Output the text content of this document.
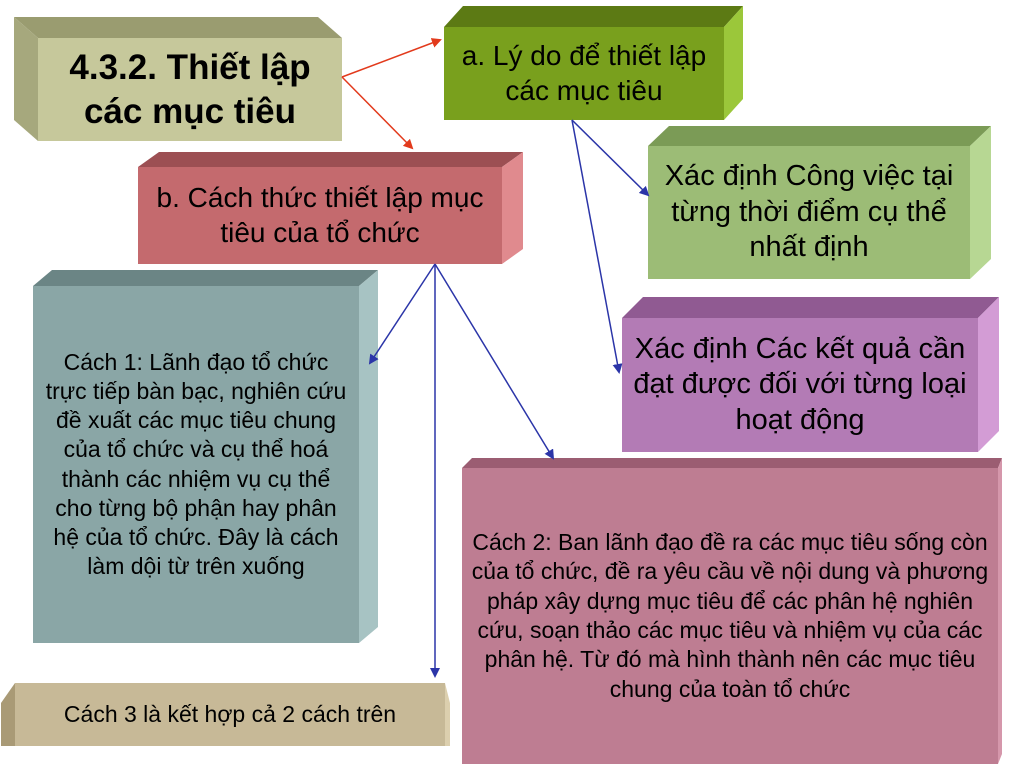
4.3.2. Thiết lập các mục tiêu
a. Lý do để thiết lập các mục tiêu
b. Cách thức thiết lập mục tiêu của tổ chức
Xác định Công việc tại từng thời điểm cụ thể nhất định
Xác định Các kết quả cần đạt được đối với từng loại hoạt động
Cách 1: Lãnh đạo tổ chức trực tiếp bàn bạc, nghiên cứu đề xuất các mục tiêu chung của tổ chức và cụ thể hoá thành các nhiệm vụ cụ thể cho từng bộ phận hay phân hệ của tổ chức. Đây là cách làm dội từ trên xuống
Cách 2: Ban lãnh đạo đề ra các mục tiêu sống còn của tổ chức, đề ra yêu cầu về nội dung và phương pháp xây dựng mục tiêu để các phân hệ nghiên cứu, soạn thảo các mục tiêu và nhiệm vụ của các phân hệ. Từ đó mà hình thành nên các mục tiêu chung của toàn tổ chức
Cách 3 là kết hợp cả 2 cách trên
